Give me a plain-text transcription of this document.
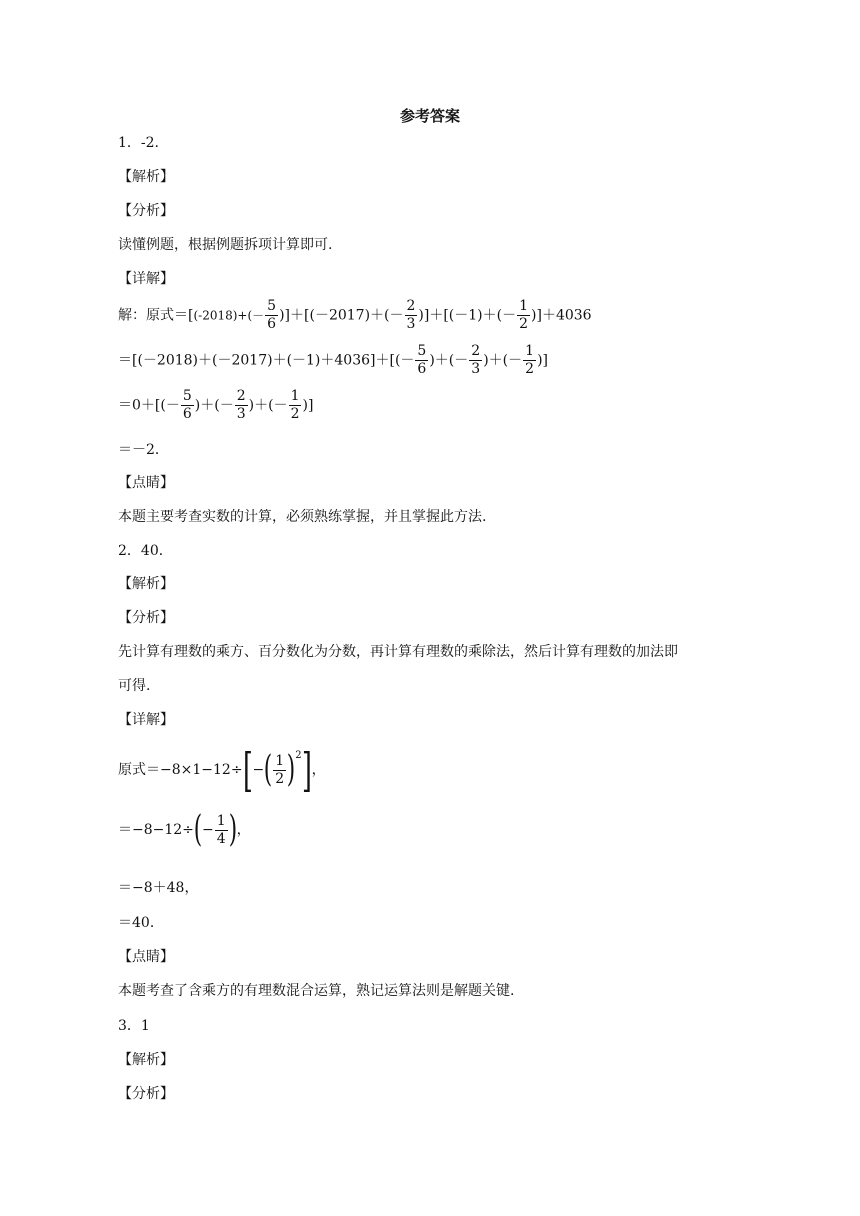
参考答案
1．-2.
【解析】
【分析】
读懂例题，根据例题拆项计算即可.
【详解】
解：原式$=[(-2018)+(- \frac{5}{6} )]+[(-2017)+(- \frac{2}{3} )]+[(-1)+(- \frac{1}{2} )]+4036$
$=[(-2018)+(-2017)+(-1)+4036]+[(- \frac{5}{6}$ )＋(－ $\frac{2}{3}$ )＋(－ $\frac{1}{2}$ )]
$=0+[(- \frac{5}{6}$ )＋(－ $\frac{2}{3}$ )＋(－ $\frac{1}{2}$ )]
＝－2．
【点睛】
本题主要考查实数的计算，必须熟练掌握，并且掌握此方法.
2．40．
【解析】
【分析】
先计算有理数的乘方、百分数化为分数，再计算有理数的乘除法，然后计算有理数的加法即
可得.
【详解】
原式$=-8\times 1-12\div[-( \frac{1}{2} )^2]$，
$=-8-12\div(- \frac{1}{4}$ )，
＝−8＋48，
＝40．
【点睛】
本题考查了含乘方的有理数混合运算，熟记运算法则是解题关键.
3．1
【解析】
【分析】
